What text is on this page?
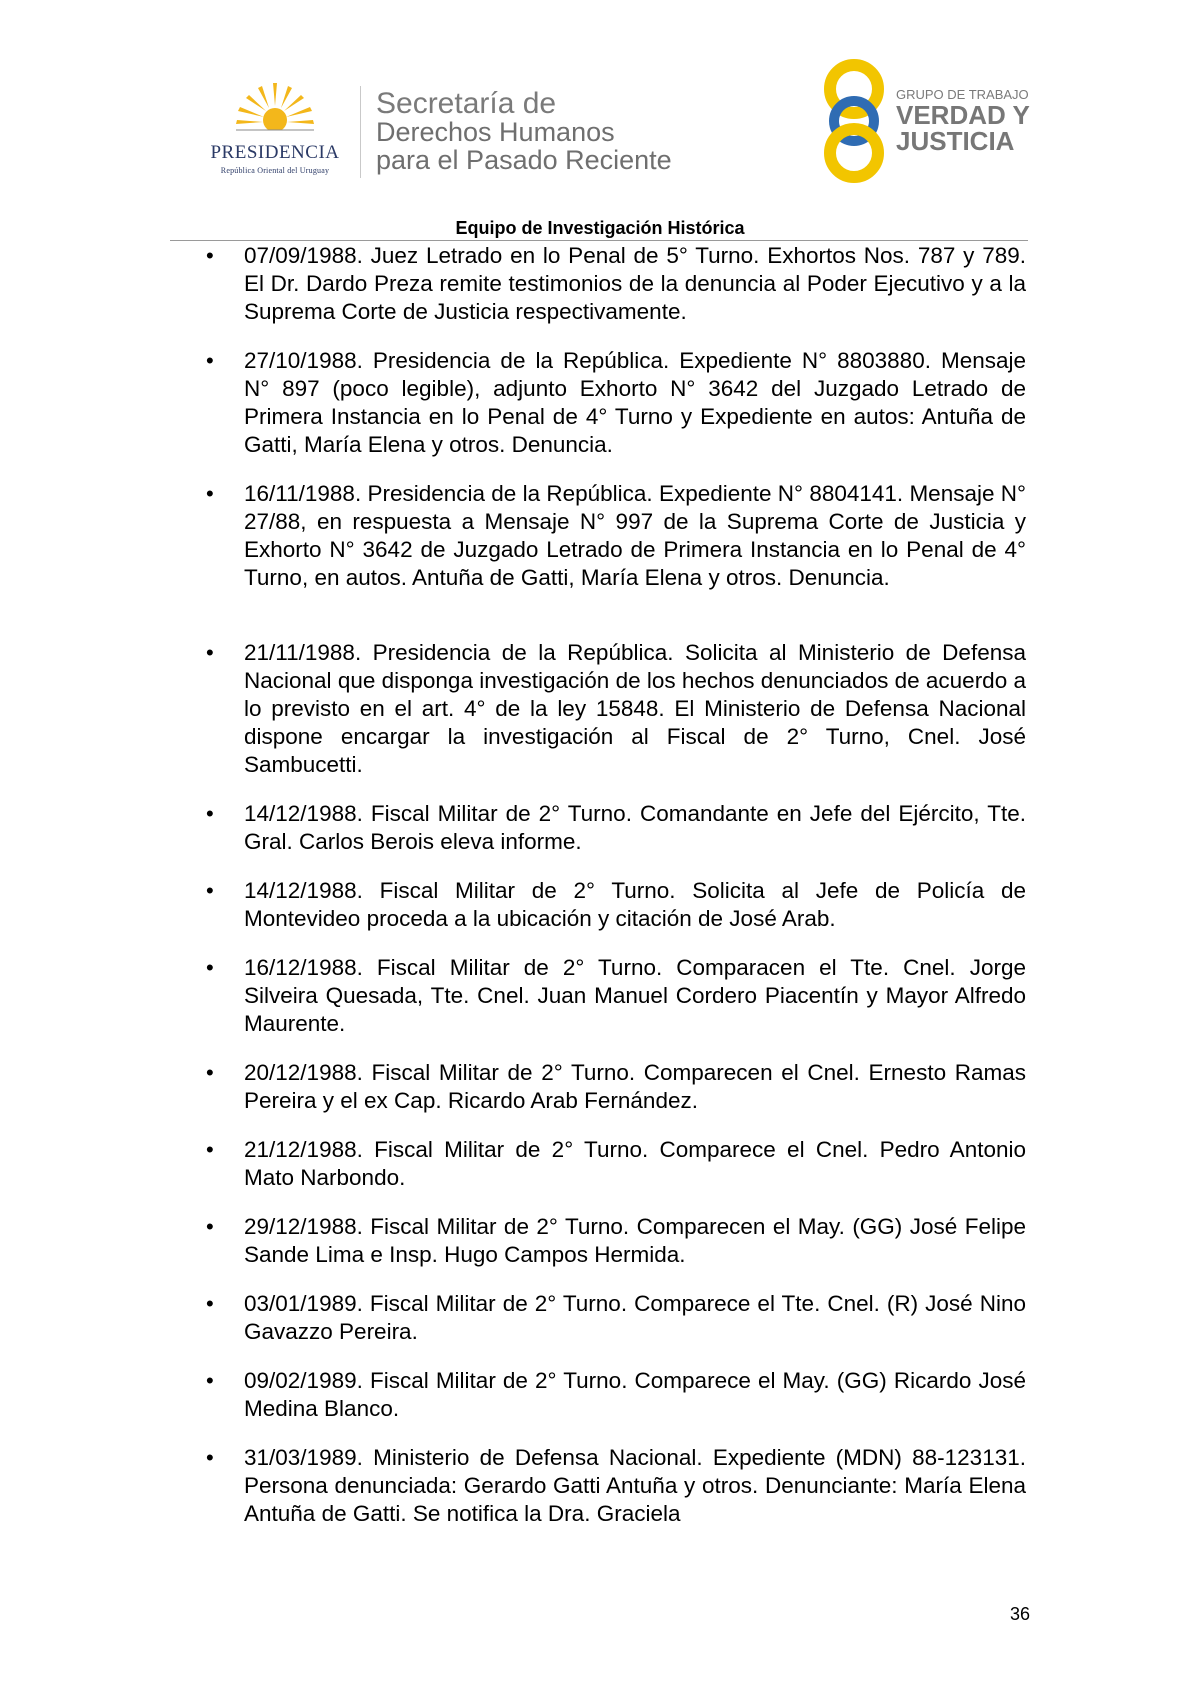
PRESIDENCIA
República Oriental del Uruguay
Secretaría de
Derechos Humanos
para el Pasado Reciente
GRUPO DE TRABAJO
VERDAD Y
JUSTICIA
Equipo de Investigación Histórica
• 07/09/1988. Juez Letrado en lo Penal de 5° Turno. Exhortos Nos. 787 y 789. El Dr. Dardo Preza remite testimonios de la denuncia al Poder Ejecutivo y a la Suprema Corte de Justicia respectivamente.
• 27/10/1988. Presidencia de la República. Expediente N° 8803880. Mensaje N° 897 (poco legible), adjunto Exhorto N° 3642 del Juzgado Letrado de Primera Instancia en lo Penal de 4° Turno y Expediente en autos: Antuña de Gatti, María Elena y otros. Denuncia.
• 16/11/1988. Presidencia de la República. Expediente N° 8804141. Mensaje N° 27/88, en respuesta a Mensaje N° 997 de la Suprema Corte de Justicia y Exhorto N° 3642 de Juzgado Letrado de Primera Instancia en lo Penal de 4° Turno, en autos. Antuña de Gatti, María Elena y otros. Denuncia.
• 21/11/1988. Presidencia de la República. Solicita al Ministerio de Defensa Nacional que disponga investigación de los hechos denunciados de acuerdo a lo previsto en el art. 4° de la ley 15848. El Ministerio de Defensa Nacional dispone encargar la investigación al Fiscal de 2° Turno, Cnel. José Sambucetti.
• 14/12/1988. Fiscal Militar de 2° Turno. Comandante en Jefe del Ejército, Tte. Gral. Carlos Berois eleva informe.
• 14/12/1988. Fiscal Militar de 2° Turno. Solicita al Jefe de Policía de Montevideo proceda a la ubicación y citación de José Arab.
• 16/12/1988. Fiscal Militar de 2° Turno. Comparacen el Tte. Cnel. Jorge Silveira Quesada, Tte. Cnel. Juan Manuel Cordero Piacentín y Mayor Alfredo Maurente.
• 20/12/1988. Fiscal Militar de 2° Turno. Comparecen el Cnel. Ernesto Ramas Pereira y el ex Cap. Ricardo Arab Fernández.
• 21/12/1988. Fiscal Militar de 2° Turno. Comparece el Cnel. Pedro Antonio Mato Narbondo.
• 29/12/1988. Fiscal Militar de 2° Turno. Comparecen el May. (GG) José Felipe Sande Lima e Insp. Hugo Campos Hermida.
• 03/01/1989. Fiscal Militar de 2° Turno. Comparece el Tte. Cnel. (R) José Nino Gavazzo Pereira.
• 09/02/1989. Fiscal Militar de 2° Turno. Comparece el May. (GG) Ricardo José Medina Blanco.
• 31/03/1989. Ministerio de Defensa Nacional. Expediente (MDN) 88-123131. Persona denunciada: Gerardo Gatti Antuña y otros. Denunciante: María Elena Antuña de Gatti. Se notifica la Dra. Graciela
36
